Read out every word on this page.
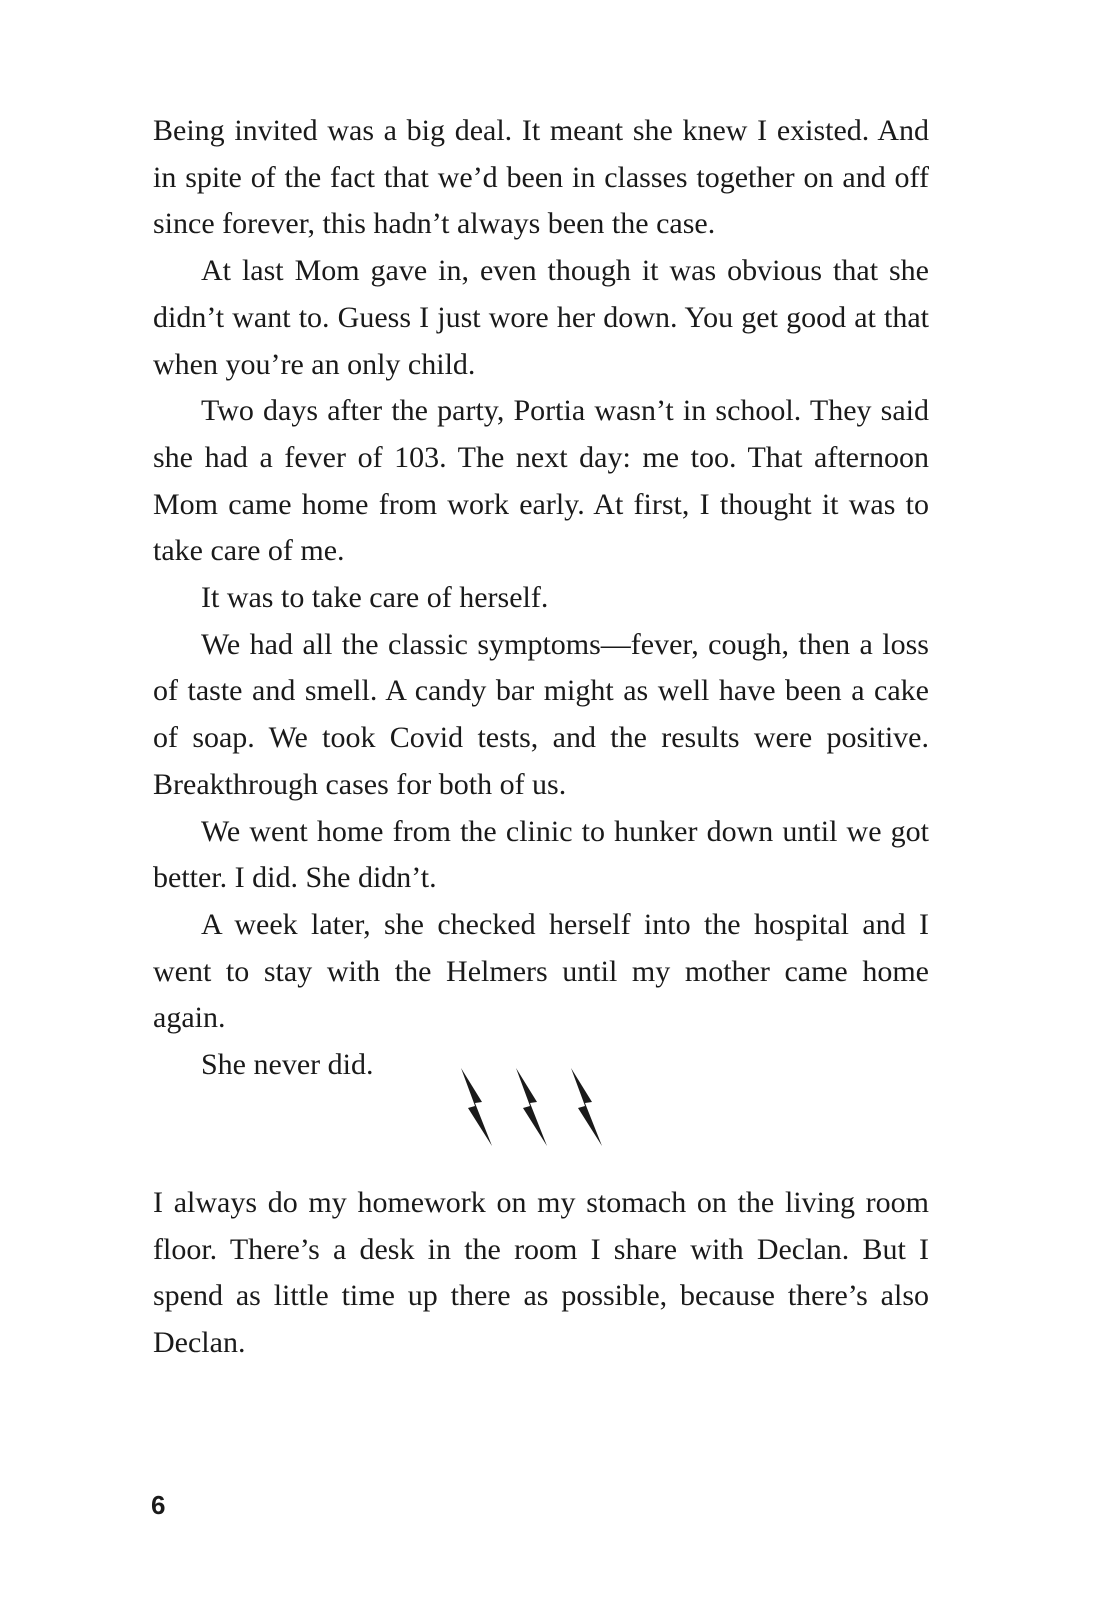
Being invited was a big deal. It meant she knew I existed. And in spite of the fact that we’d been in classes together on and off since forever, this hadn’t always been the case.

At last Mom gave in, even though it was obvious that she didn’t want to. Guess I just wore her down. You get good at that when you’re an only child.

Two days after the party, Portia wasn’t in school. They said she had a fever of 103. The next day: me too. That afternoon Mom came home from work early. At first, I thought it was to take care of me.

It was to take care of herself.

We had all the classic symptoms—fever, cough, then a loss of taste and smell. A candy bar might as well have been a cake of soap. We took Covid tests, and the results were positive. Breakthrough cases for both of us.

We went home from the clinic to hunker down until we got better. I did. She didn’t.

A week later, she checked herself into the hospital and I went to stay with the Helmers until my mother came home again.

She never did.

I always do my homework on my stomach on the living room floor. There’s a desk in the room I share with Declan. But I spend as little time up there as possible, because there’s also Declan.

6
